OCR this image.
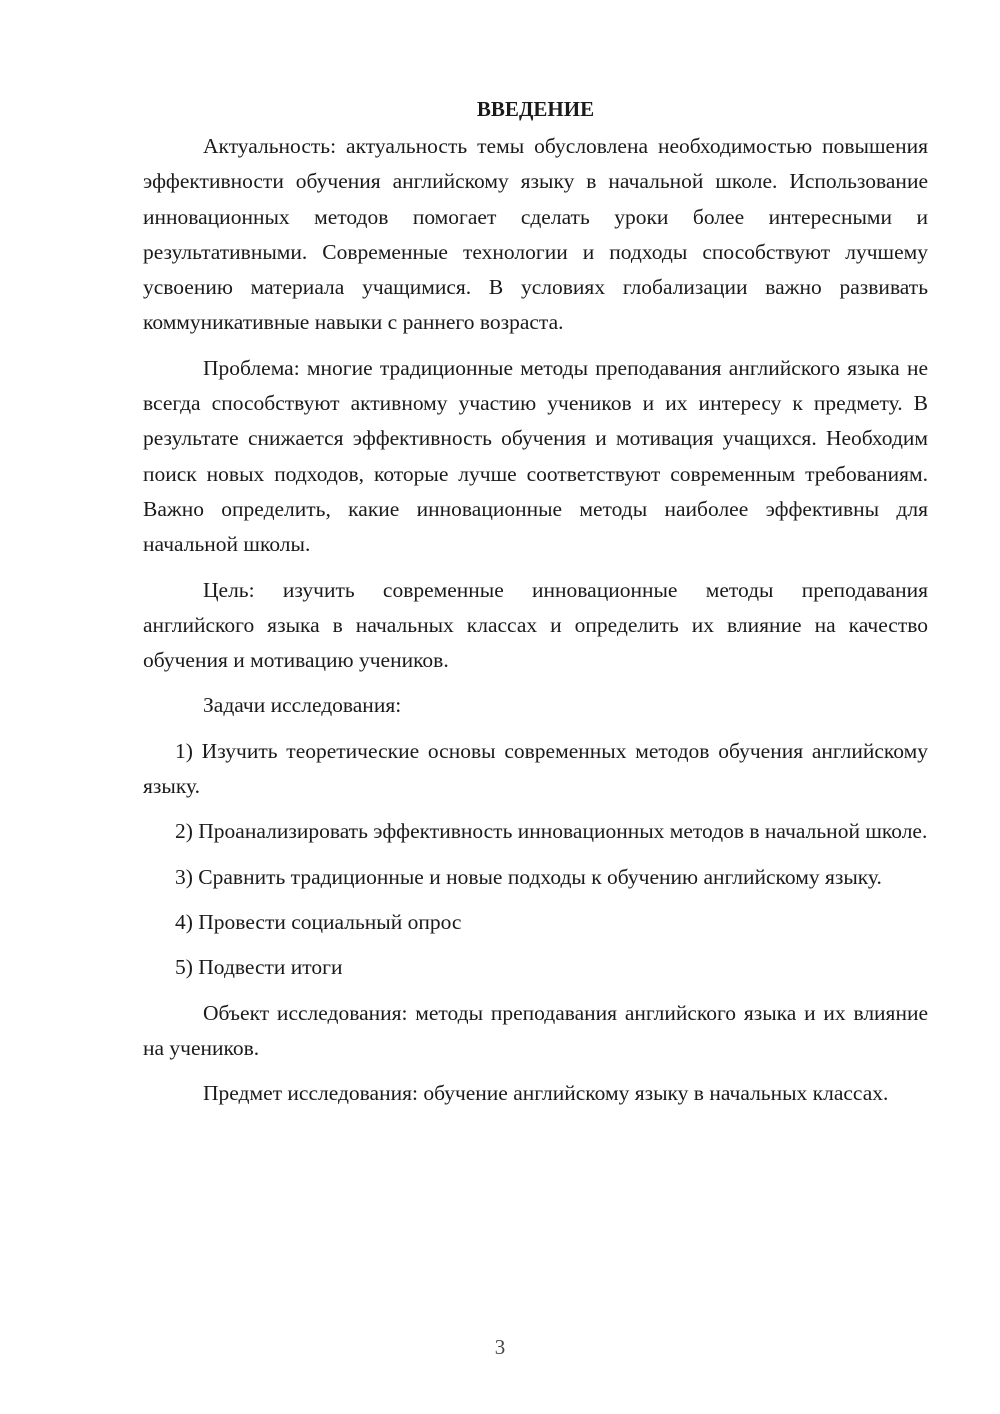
ВВЕДЕНИЕ

Актуальность: актуальность темы обусловлена необходимостью повышения эффективности обучения английскому языку в начальной школе. Использование инновационных методов помогает сделать уроки более интересными и результативными. Современные технологии и подходы способствуют лучшему усвоению материала учащимися. В условиях глобализации важно развивать коммуникативные навыки с раннего возраста.

Проблема: многие традиционные методы преподавания английского языка не всегда способствуют активному участию учеников и их интересу к предмету. В результате снижается эффективность обучения и мотивация учащихся. Необходим поиск новых подходов, которые лучше соответствуют современным требованиям. Важно определить, какие инновационные методы наиболее эффективны для начальной школы.

Цель: изучить современные инновационные методы преподавания английского языка в начальных классах и определить их влияние на качество обучения и мотивацию учеников.

Задачи исследования:

1) Изучить теоретические основы современных методов обучения английскому языку.

2) Проанализировать эффективность инновационных методов в начальной школе.

3) Сравнить традиционные и новые подходы к обучению английскому языку.

4) Провести социальный опрос

5) Подвести итоги

Объект исследования: методы преподавания английского языка и их влияние на учеников.

Предмет исследования: обучение английскому языку в начальных классах.

3
